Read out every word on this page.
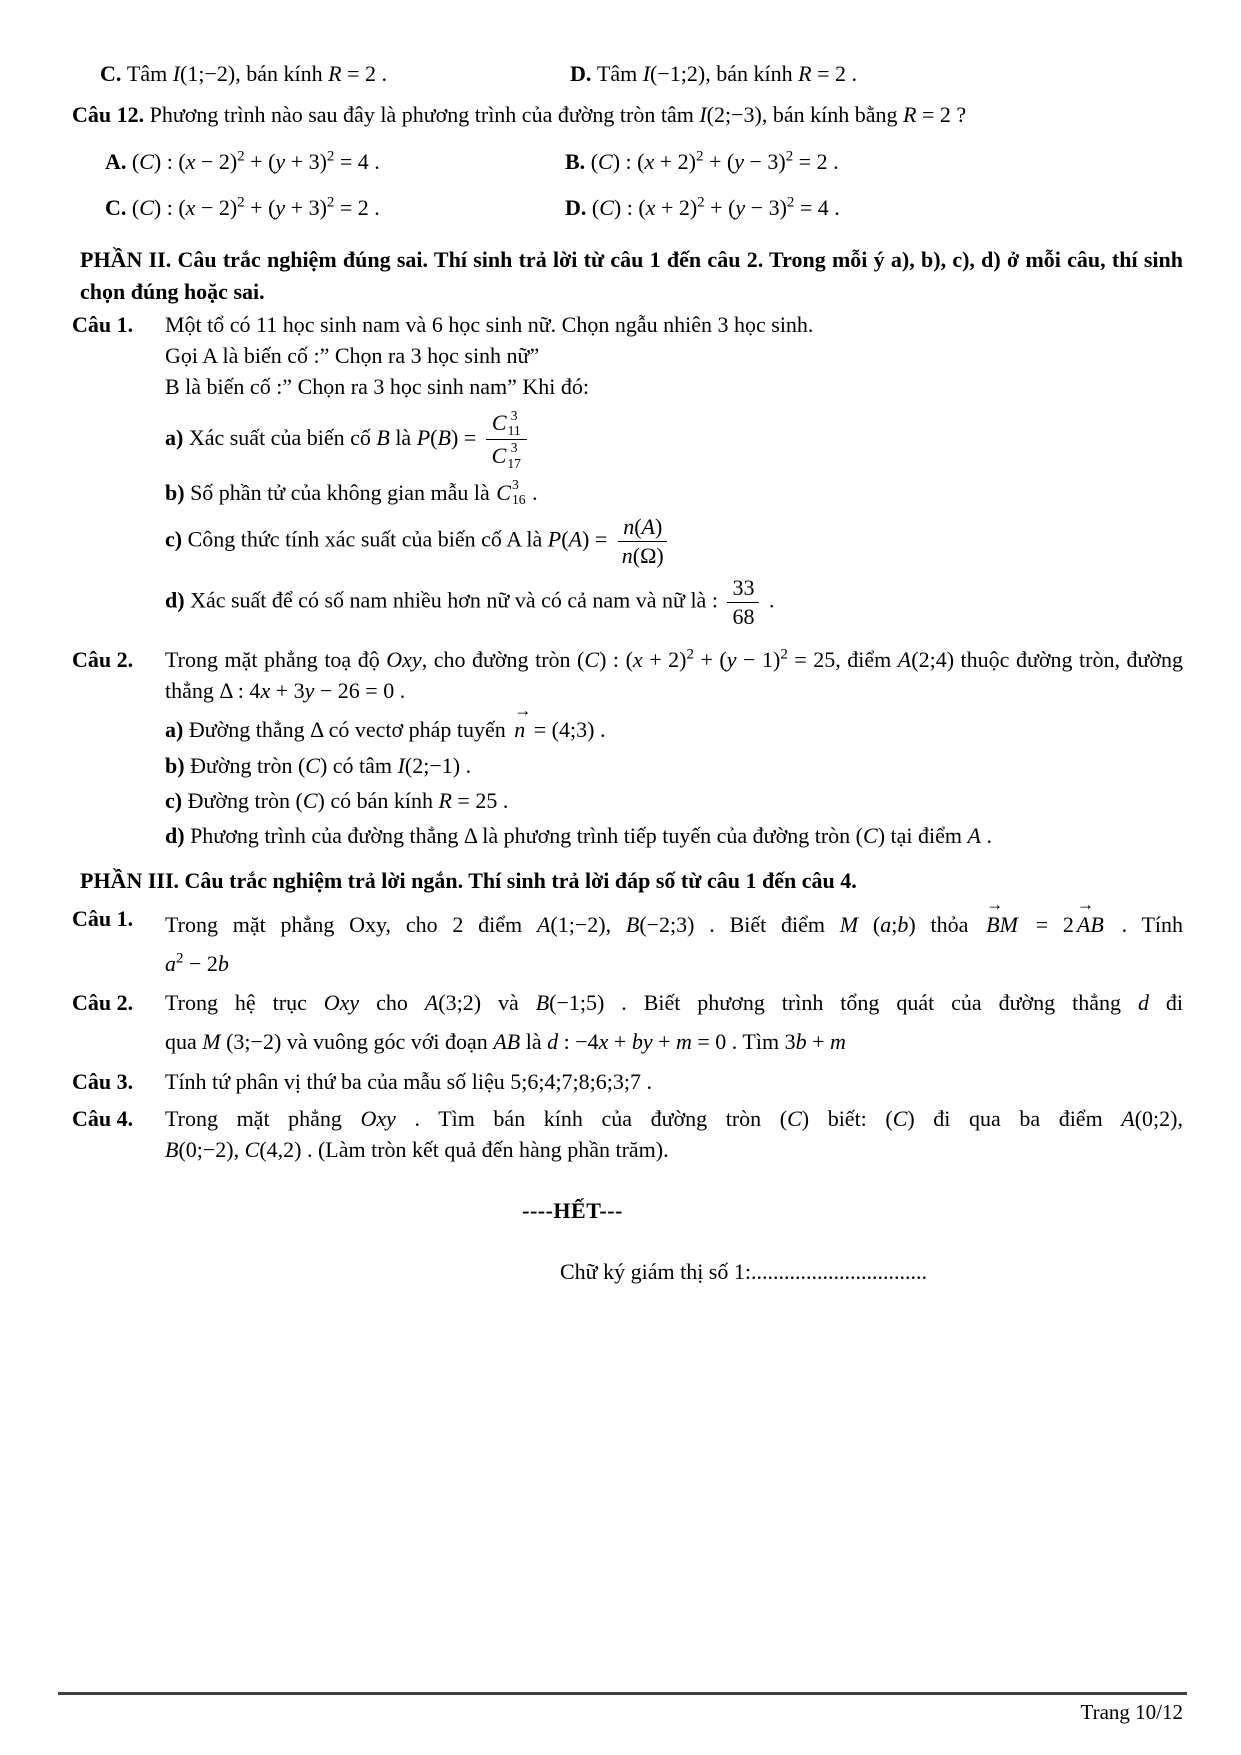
C. Tâm I(1;−2), bán kính R = 2 .	D. Tâm I(−1;2), bán kính R = 2 .
Câu 12. Phương trình nào sau đây là phương trình của đường tròn tâm I(2;−3), bán kính bằng R = 2 ?
A. (C) : $(x - 2)^2 + (y + 3)^2 = 4$ .	B. (C) : $(x + 2)^2 + (y - 3)^2 = 2$ .
C. (C) : $(x - 2)^2 + (y + 3)^2 = 2$ .	D. (C) : $(x + 2)^2 + (y - 3)^2 = 4$ .
PHẦN II. Câu trắc nghiệm đúng sai. Thí sinh trả lời từ câu 1 đến câu 2. Trong mỗi ý a), b), c), d) ở mỗi câu, thí sinh chọn đúng hoặc sai.
Câu 1.	Một tổ có 11 học sinh nam và 6 học sinh nữ. Chọn ngẫu nhiên 3 học sinh.
Gọi A là biến cố :” Chọn ra 3 học sinh nữ”
B là biến cố :” Chọn ra 3 học sinh nam” Khi đó:
a) Xác suất của biến cố B là P(B) = C 3
11
C 3
17
b) Số phần tử của không gian mẫu là C 3
16 .
c) Công thức tính xác suất của biến cố A là $P(A) = \frac{n(A)}{n(\Omega)}$
d) Xác suất để có số nam nhiều hơn nữ và có cả nam và nữ là : $\frac{33}{68}$ .
Câu 2.	Trong mặt phẳng toạ độ Oxy, cho đường tròn (C) : $(x + 2)^2 + (y - 1)^2 = 25$, điểm A(2;4) thuộc đường tròn, đường thẳng Δ : 4x + 3y − 26 = 0 .
a) Đường thẳng Δ có vectơ pháp tuyến
→
n = (4;3) .
b) Đường tròn (C) có tâm I(2;−1) .
c) Đường tròn (C) có bán kính R = 25 .
d) Phương trình của đường thẳng Δ là phương trình tiếp tuyến của đường tròn (C) tại điểm A .
PHẦN III. Câu trắc nghiệm trả lời ngắn. Thí sinh trả lời đáp số từ câu 1 đến câu 4.
Câu 1.	Trong mặt phẳng Oxy, cho 2 điểm A(1;−2), B(−2;3) . Biết điểm M (a;b) thỏa
→
BM = 2
→
AB . Tính
$a^2 - 2b$
Câu 2.	Trong hệ trục Oxy cho A(3;2) và B(−1;5) . Biết phương trình tổng quát của đường thẳng d đi
qua M (3;−2) và vuông góc với đoạn AB là d : −4x + by + m = 0 . Tìm 3b + m
Câu 3.	Tính tứ phân vị thứ ba của mẫu số liệu 5;6;4;7;8;6;3;7 .
Câu 4.	Trong mặt phẳng Oxy . Tìm bán kính của đường tròn (C) biết: (C) đi qua ba điểm A(0;2),
B(0;−2), C(4,2) . (Làm tròn kết quả đến hàng phần trăm).
----HẾT---
Chữ ký giám thị số 1:................................
Trang 10/12
